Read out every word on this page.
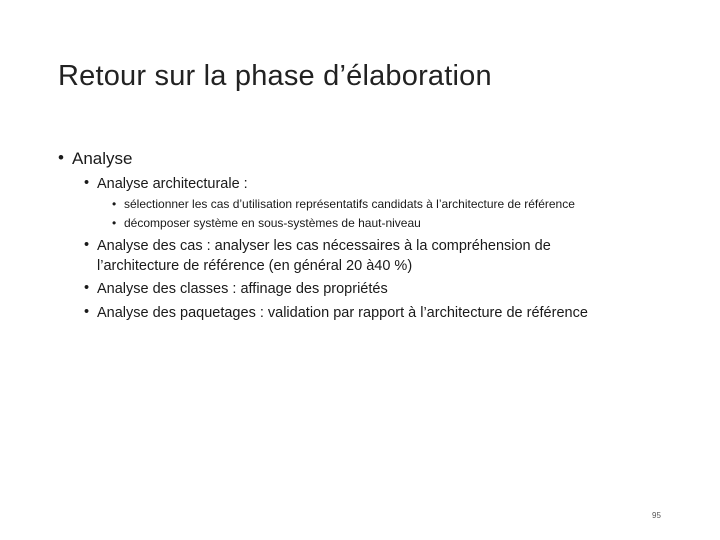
Retour sur la phase d’élaboration
• Analyse
• Analyse architecturale :
• sélectionner les cas d’utilisation représentatifs candidats à l’architecture de référence
• décomposer système en sous-systèmes de haut-niveau
• Analyse des cas : analyser les cas nécessaires à la compréhension de
l’architecture de référence (en général 20 à40 %)
• Analyse des classes : affinage des propriétés
• Analyse des paquetages : validation par rapport à l’architecture de référence
95
